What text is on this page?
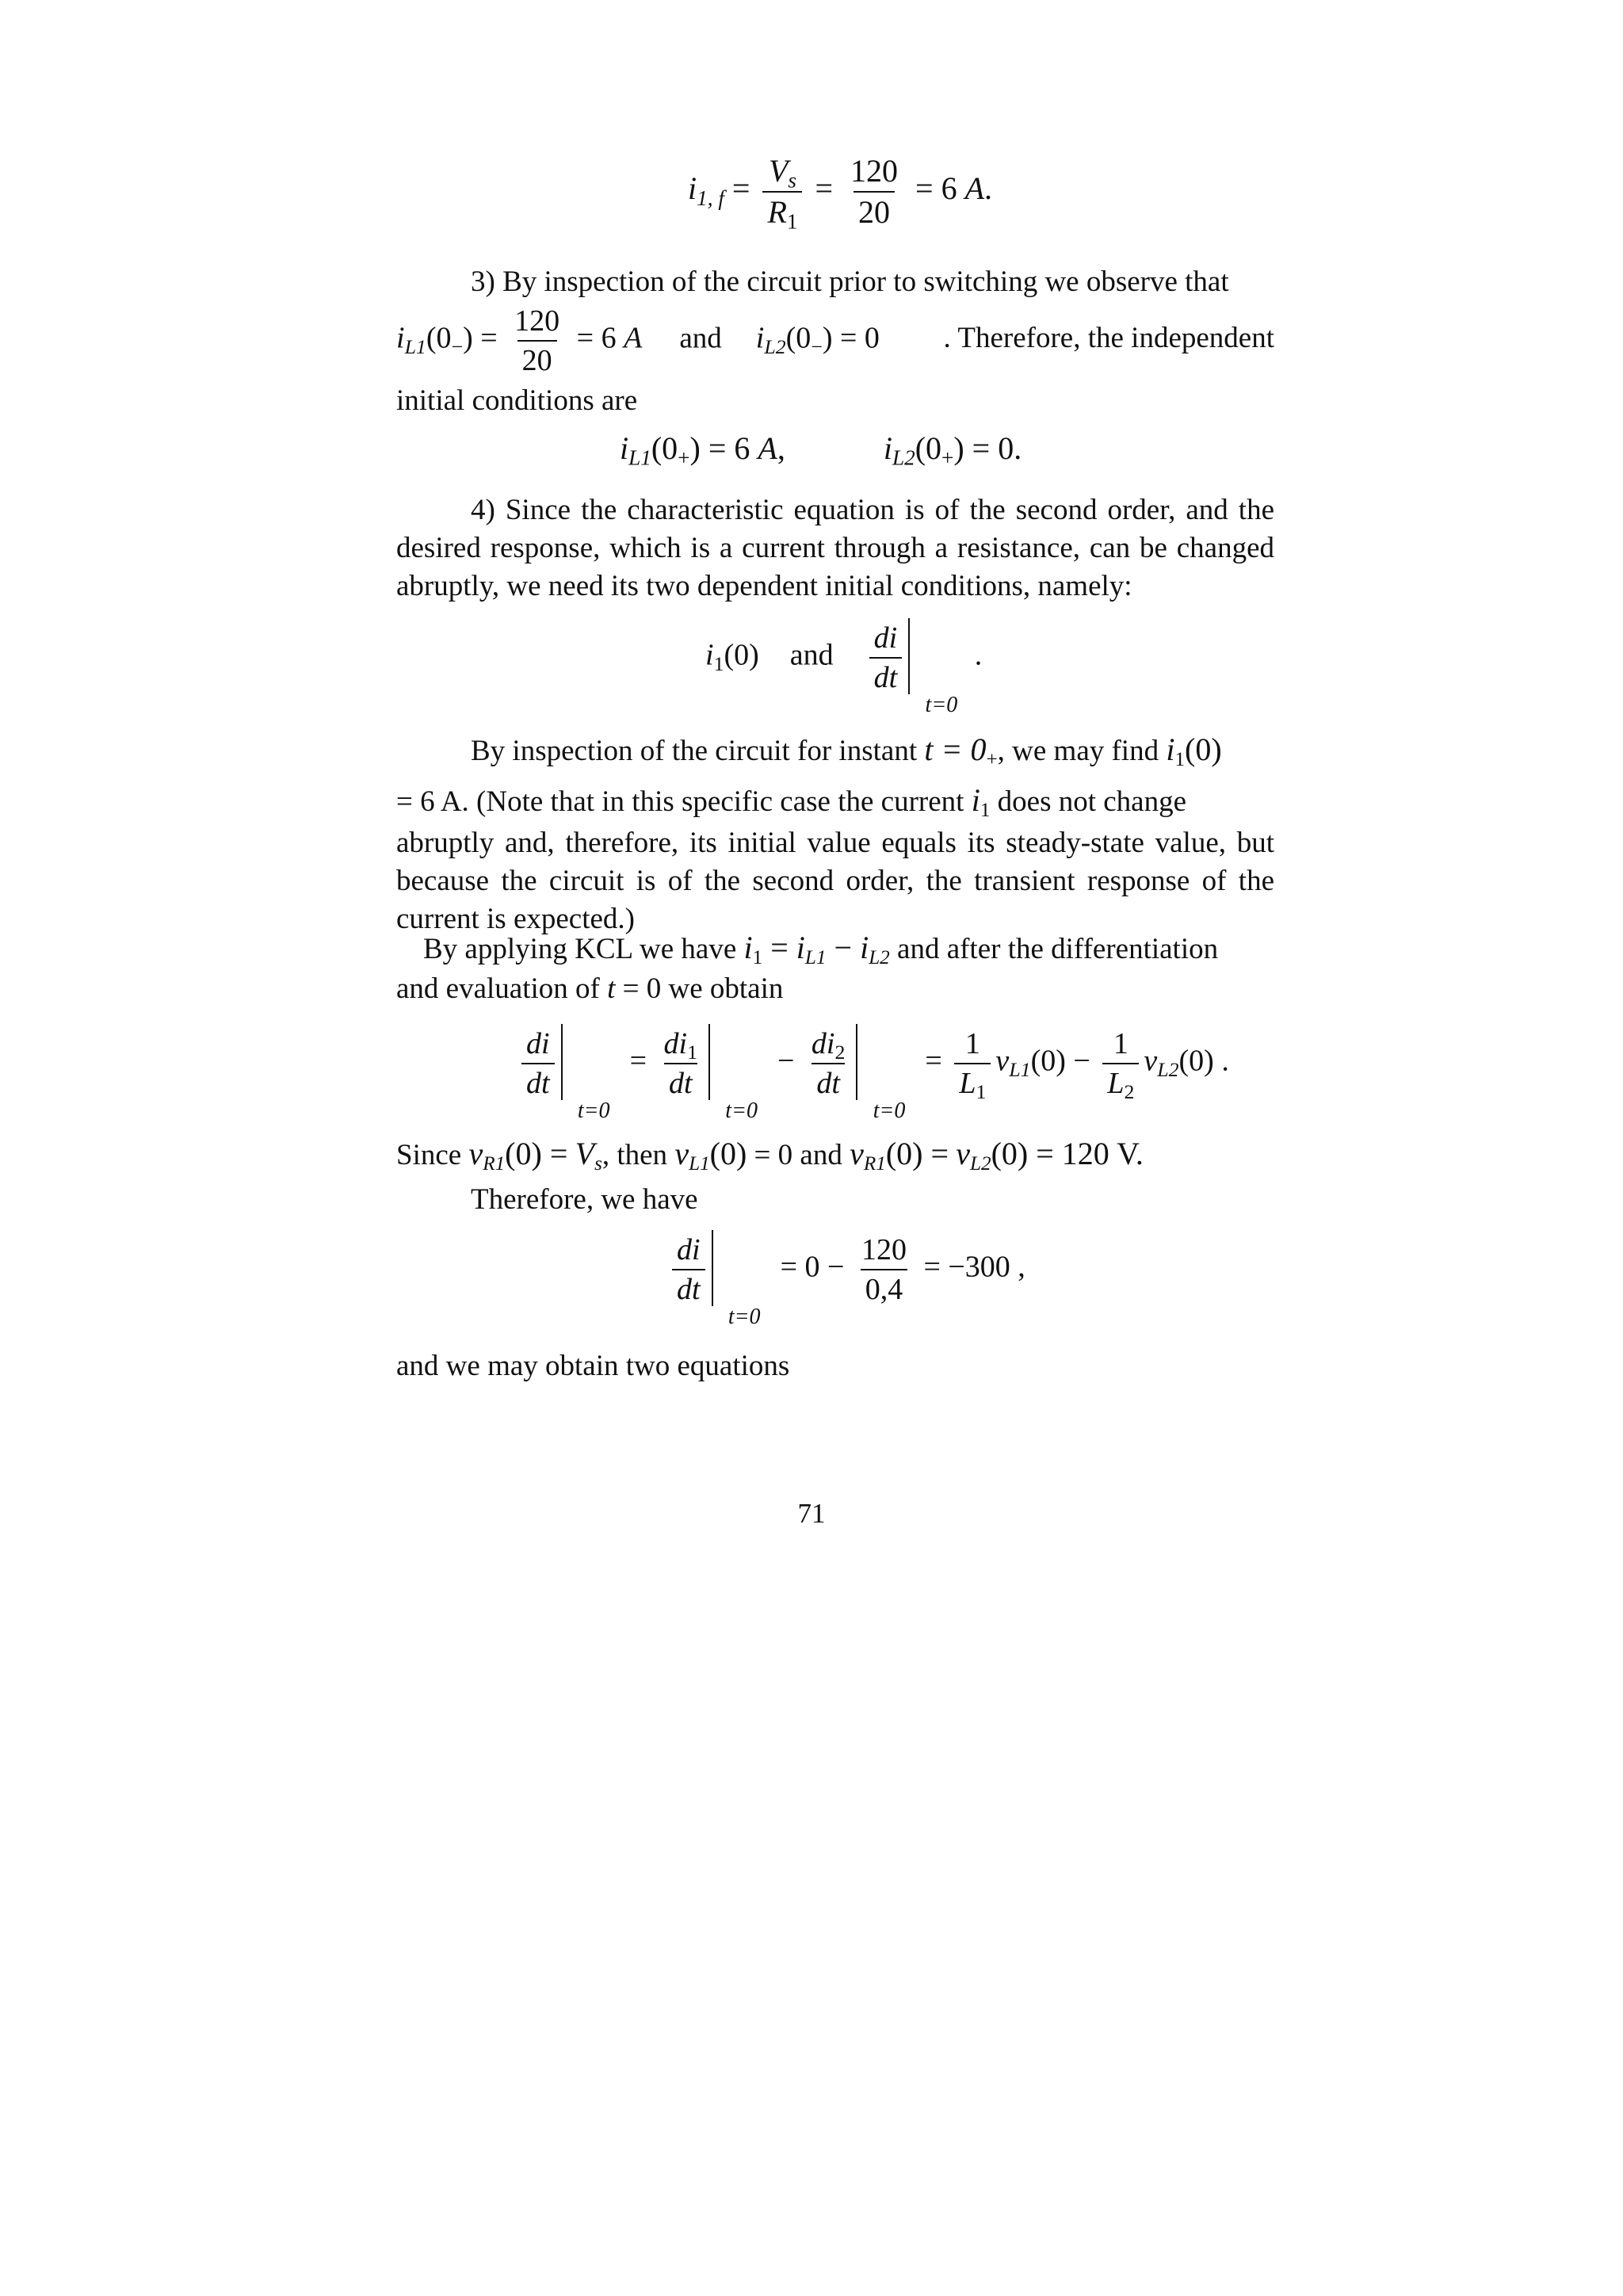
$i_{1, f} = \frac{V_s}{R_1} = \frac{120}{20} = 6$ A.
3) By inspection of the circuit prior to switching we observe that
$i_{L1}(0_-) = \frac{120}{20} = 6$ A and $i_{L2}(0_-) = 0$	. Therefore, the independent
initial conditions are
$i_{L1}(0_+) = 6$ A,	$i_{L2}(0_+) = 0$.

4) Since the characteristic equation is of the second order, and the desired response, which is a current through a resistance, can be changed abruptly, we need its two dependent initial conditions, namely:

$i_1(0)$ and $\frac{di}{dt}$
t=0
.
By inspection of the circuit for instant $t = 0_+$, we may find $i_1(0)$
= 6 A. (Note that in this specific case the current $i_1$ does not change

abruptly and, therefore, its initial value equals its steady-state value, but because the circuit is of the second order, the transient response of the current is expected.)

By applying KCL we have $i_1 = i_{L1} - i_{L2}$ and after the differentiation
and evaluation of t = 0 we obtain
$\frac{di}{dt}$
t=0
= $\frac{di_1}{dt}$
t=0
− $\frac{di_2}{dt}$
t=0
= $\frac{1}{L_1} v_{L1}(0) - \frac{1}{L_2} v_{L2}(0)$ .
Since $v_{R1}(0) = V_s$, then $v_{L1}(0) = 0$ and $v_{R1}(0) = v_{L2}(0) = 120$ V.
Therefore, we have
$\frac{di}{dt}$
t=0
= $0 - \frac{120}{0,4} = -300$ ,
and we may obtain two equations
71
